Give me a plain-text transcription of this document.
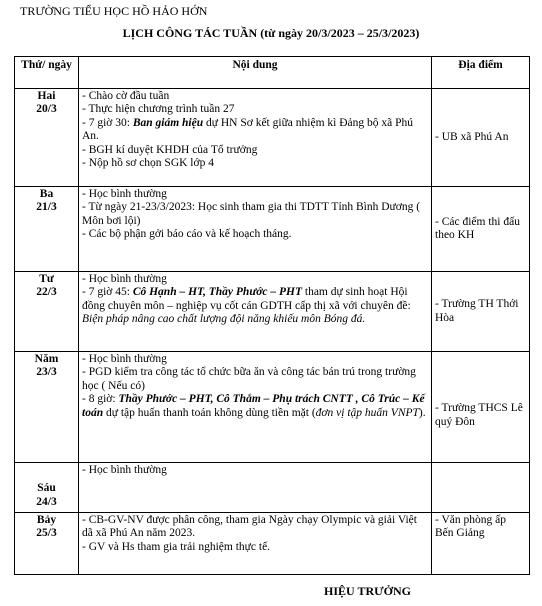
TRƯỜNG TIỂU HỌC HỒ HẢO HỚN
LỊCH CÔNG TÁC TUẦN (từ ngày 20/3/2023 – 25/3/2023)
Thứ/ ngày	Nội dung	Địa điểm

Hai
20/3	- Chào cờ đầu tuần
- Thực hiện chương trình tuần 27
- 7 giờ 30: Ban giám hiệu dự HN Sơ kết giữa nhiệm kì Đảng bộ xã Phú An.
- BGH kí duyệt KHDH của Tổ trưởng
- Nộp hồ sơ chọn SGK lớp 4	- UB xã Phú An

Ba
21/3	- Học bình thường
- Từ ngày 21-23/3/2023: Học sinh tham gia thi TDTT Tỉnh Bình Dương ( Môn bơi lội)
- Các bộ phận gởi báo cáo và kế hoạch tháng.	- Các điểm thi đấu theo KH

Tư
22/3	- Học bình thường
- 7 giờ 45: Cô Hạnh – HT, Thầy Phước – PHT tham dự sinh hoạt Hội đồng chuyên môn – nghiệp vụ cốt cán GDTH cấp thị xã với chuyên đề: Biện pháp nâng cao chất lượng đội năng khiếu môn Bóng đá.	- Trường TH Thới Hòa

Năm
23/3	- Học bình thường
- PGD kiểm tra công tác tổ chức bữa ăn và công tác bán trú trong trường học ( Nếu có)
- 8 giờ: Thầy Phước – PHT, Cô Thắm – Phụ trách CNTT , Cô Trúc – Kế toán dự tập huấn thanh toán không dùng tiền mặt (đơn vị tập huấn VNPT).	- Trường THCS Lê quý Đôn

Sáu
24/3	- Học bình thường	

Bảy
25/3	- CB-GV-NV được phân công, tham gia Ngày chạy Olympic và giải Việt dã xã Phú An năm 2023.
- GV và Hs tham gia trải nghiệm thực tế.	- Văn phòng ấp Bến Giảng
HIỆU TRƯỞNG
